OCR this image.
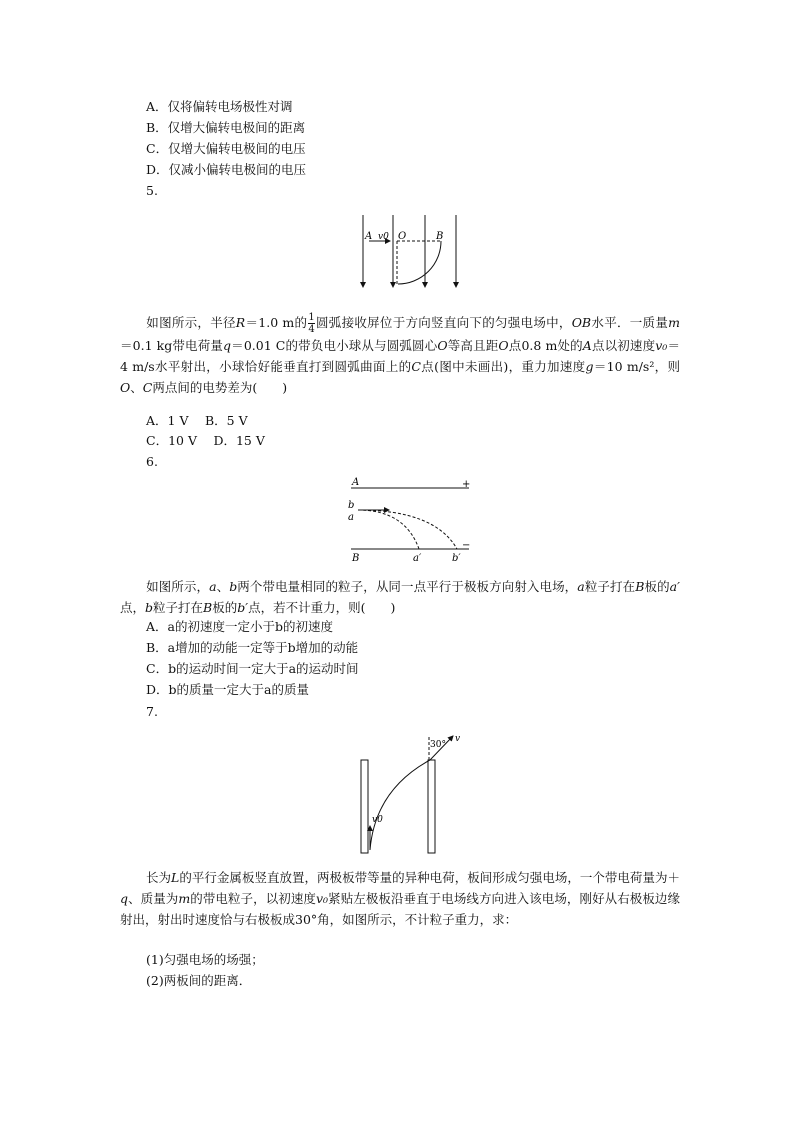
A．仅将偏转电场极性对调
B．仅增大偏转电极间的距离
C．仅增大偏转电极间的电压
D．仅减小偏转电极间的电压
5.
A v0 O	B
如图所示，半径R＝1.0 m的 $\frac{1}{4}$ 圆弧接收屏位于方向竖直向下的匀强电场中，OB水平．一质量m＝0.1 kg带电荷量q＝0.01 C的带负电小球从与圆弧圆心O等高且距O点0.8 m处的A点以初速度v₀＝4 m/s水平射出，小球恰好能垂直打到圆弧曲面上的C点(图中未画出)，重力加速度g＝10 m/s²，则O、C两点间的电势差为(　　)
A．1 V　 B．5 V
C．10 V　 D．15 V
6.
A	+
b
a
−
B	a′	b′
如图所示，a、b两个带电量相同的粒子，从同一点平行于极板方向射入电场，a粒子打在B板的a′点，b粒子打在B板的b′点，若不计重力，则(　　)
A．a的初速度一定小于b的初速度
B．a增加的动能一定等于b增加的动能
C．b的运动时间一定大于a的运动时间
D．b的质量一定大于a的质量
7.
30°
v
v0
长为L的平行金属板竖直放置，两极板带等量的异种电荷，板间形成匀强电场，一个带电荷量为＋q、质量为m的带电粒子，以初速度v₀紧贴左极板沿垂直于电场线方向进入该电场，刚好从右极板边缘射出，射出时速度恰与右极板成30°角，如图所示，不计粒子重力，求：
(1)匀强电场的场强；
(2)两板间的距离．
